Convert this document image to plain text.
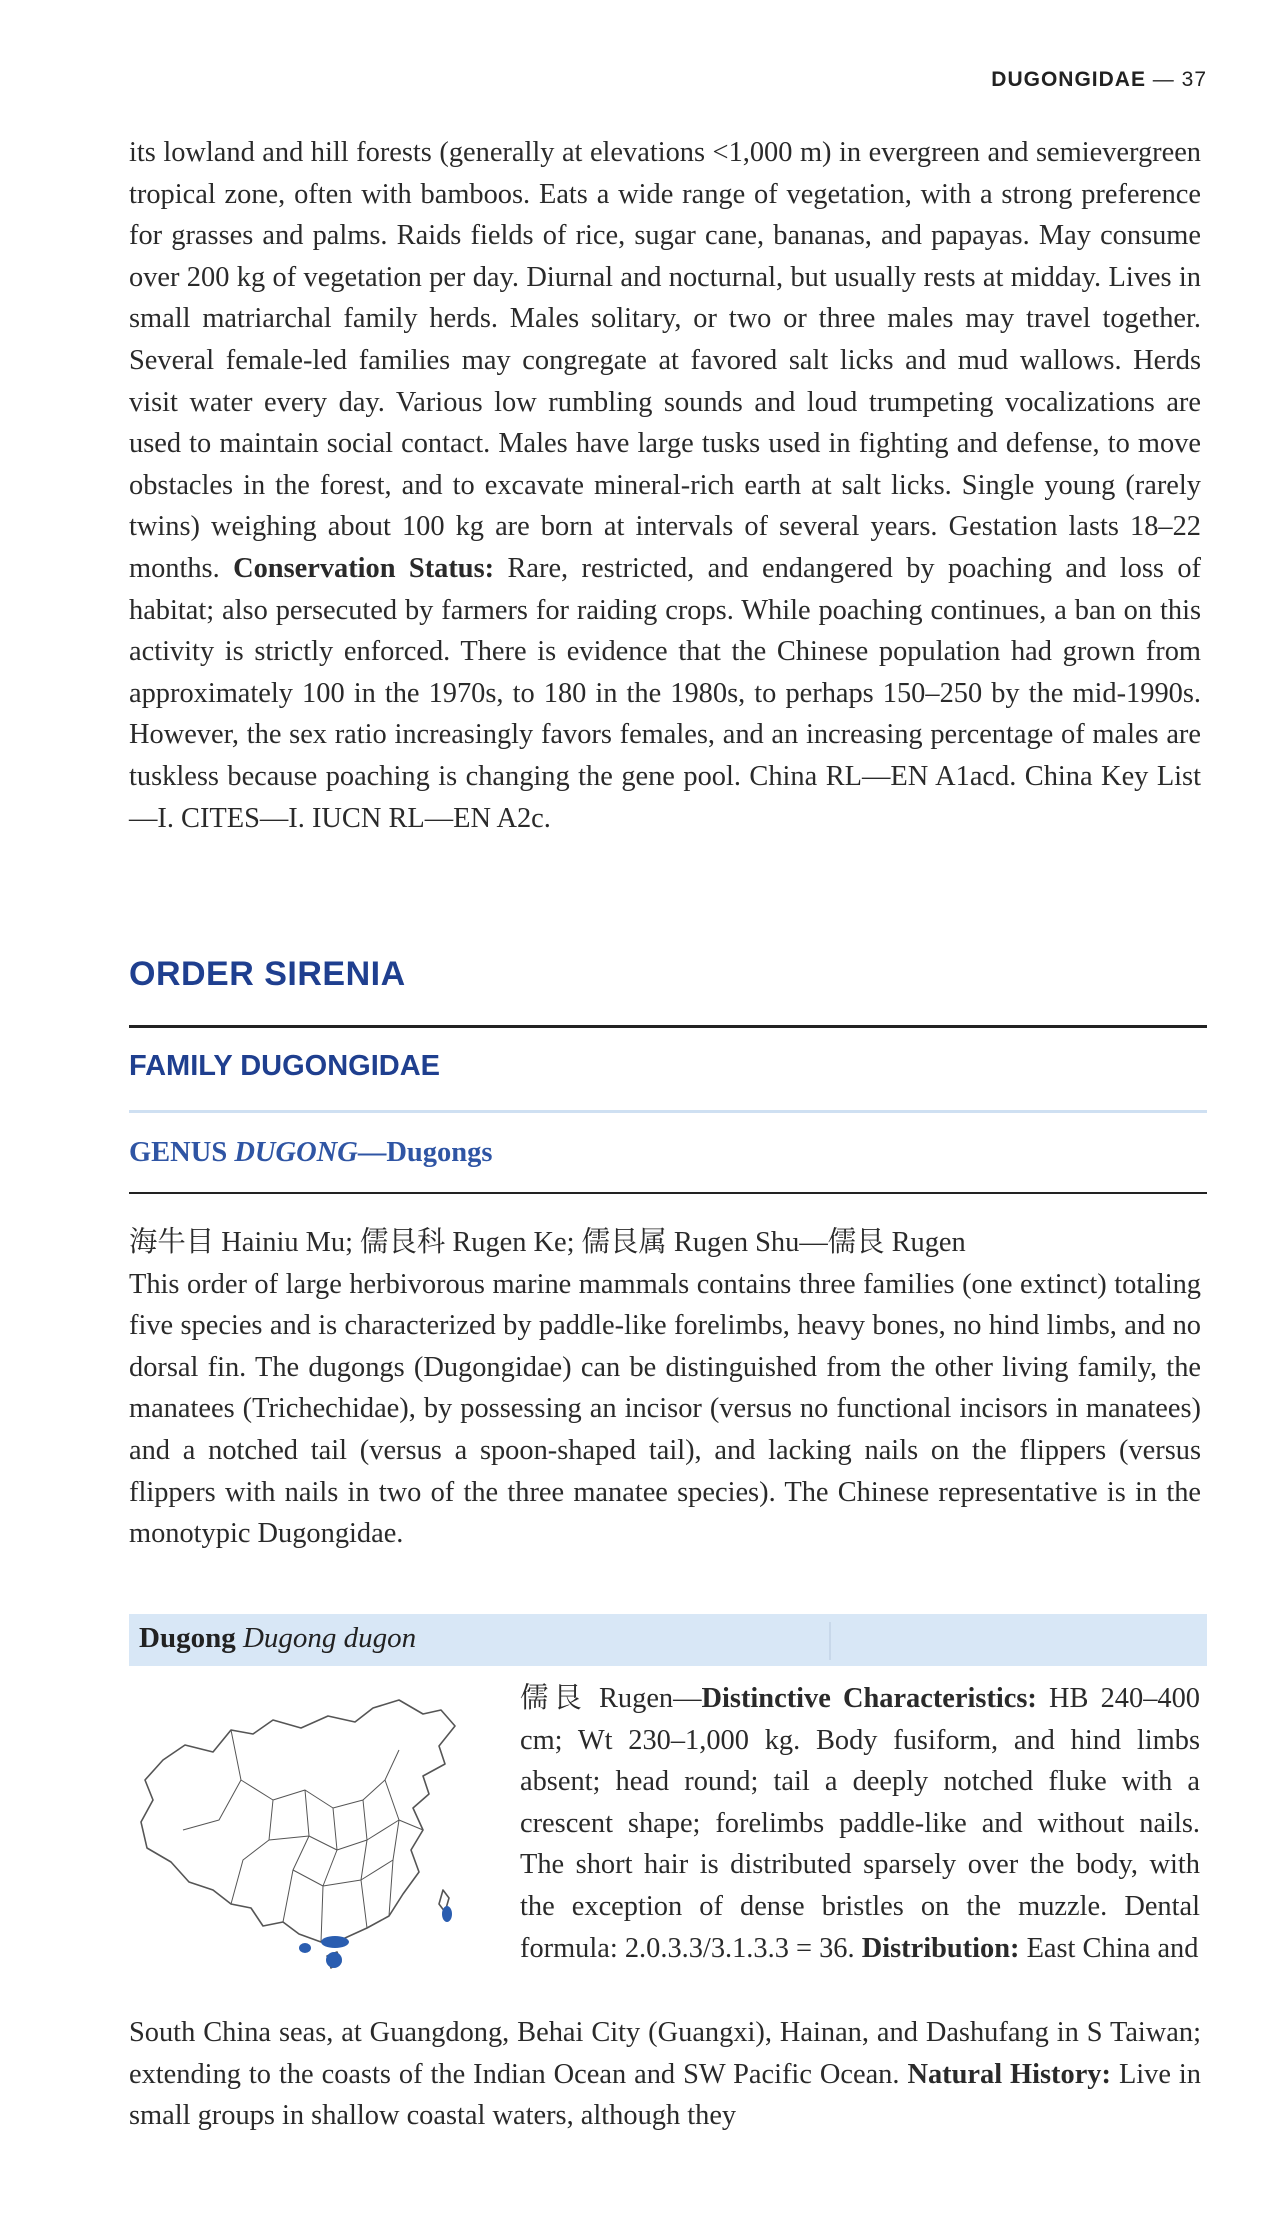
DUGONGIDAE — 37

its lowland and hill forests (generally at elevations <1,000 m) in evergreen and semievergreen tropical zone, often with bamboos. Eats a wide range of vegetation, with a strong preference for grasses and palms. Raids fields of rice, sugar cane, bananas, and papayas. May consume over 200 kg of vegetation per day. Diurnal and nocturnal, but usually rests at midday. Lives in small matriarchal family herds. Males solitary, or two or three males may travel together. Several female-led families may congregate at favored salt licks and mud wallows. Herds visit water every day. Various low rumbling sounds and loud trumpeting vocalizations are used to maintain social contact. Males have large tusks used in fighting and defense, to move obstacles in the forest, and to excavate mineral-rich earth at salt licks. Single young (rarely twins) weighing about 100 kg are born at intervals of several years. Gestation lasts 18–22 months. Conservation Status: Rare, restricted, and endangered by poaching and loss of habitat; also persecuted by farmers for raiding crops. While poaching continues, a ban on this activity is strictly enforced. There is evidence that the Chinese population had grown from approximately 100 in the 1970s, to 180 in the 1980s, to perhaps 150–250 by the mid-1990s. However, the sex ratio increasingly favors females, and an increasing percentage of males are tuskless because poaching is changing the gene pool. China RL—EN A1acd. China Key List—I. CITES—I. IUCN RL—EN A2c.

ORDER SIRENIA
FAMILY DUGONGIDAE
GENUS DUGONG—Dugongs

海牛目 Hainiu Mu; 儒艮科 Rugen Ke; 儒艮属 Rugen Shu—儒艮 Rugen
This order of large herbivorous marine mammals contains three families (one extinct) totaling five species and is characterized by paddle-like forelimbs, heavy bones, no hind limbs, and no dorsal fin. The dugongs (Dugongidae) can be distinguished from the other living family, the manatees (Trichechidae), by possessing an incisor (versus no functional incisors in manatees) and a notched tail (versus a spoon-shaped tail), and lacking nails on the flippers (versus flippers with nails in two of the three manatee species). The Chinese representative is in the monotypic Dugongidae.

Dugong Dugong dugon

儒艮 Rugen—Distinctive Characteristics: HB 240–400 cm; Wt 230–1,000 kg. Body fusiform, and hind limbs absent; head round; tail a deeply notched fluke with a crescent shape; forelimbs paddle-like and without nails. The short hair is distributed sparsely over the body, with the exception of dense bristles on the muzzle. Dental formula: 2.0.3.3/3.1.3.3 = 36. Distribution: East China and

South China seas, at Guangdong, Behai City (Guangxi), Hainan, and Dashufang in S Taiwan; extending to the coasts of the Indian Ocean and SW Pacific Ocean. Natural History: Live in small groups in shallow coastal waters, although they
